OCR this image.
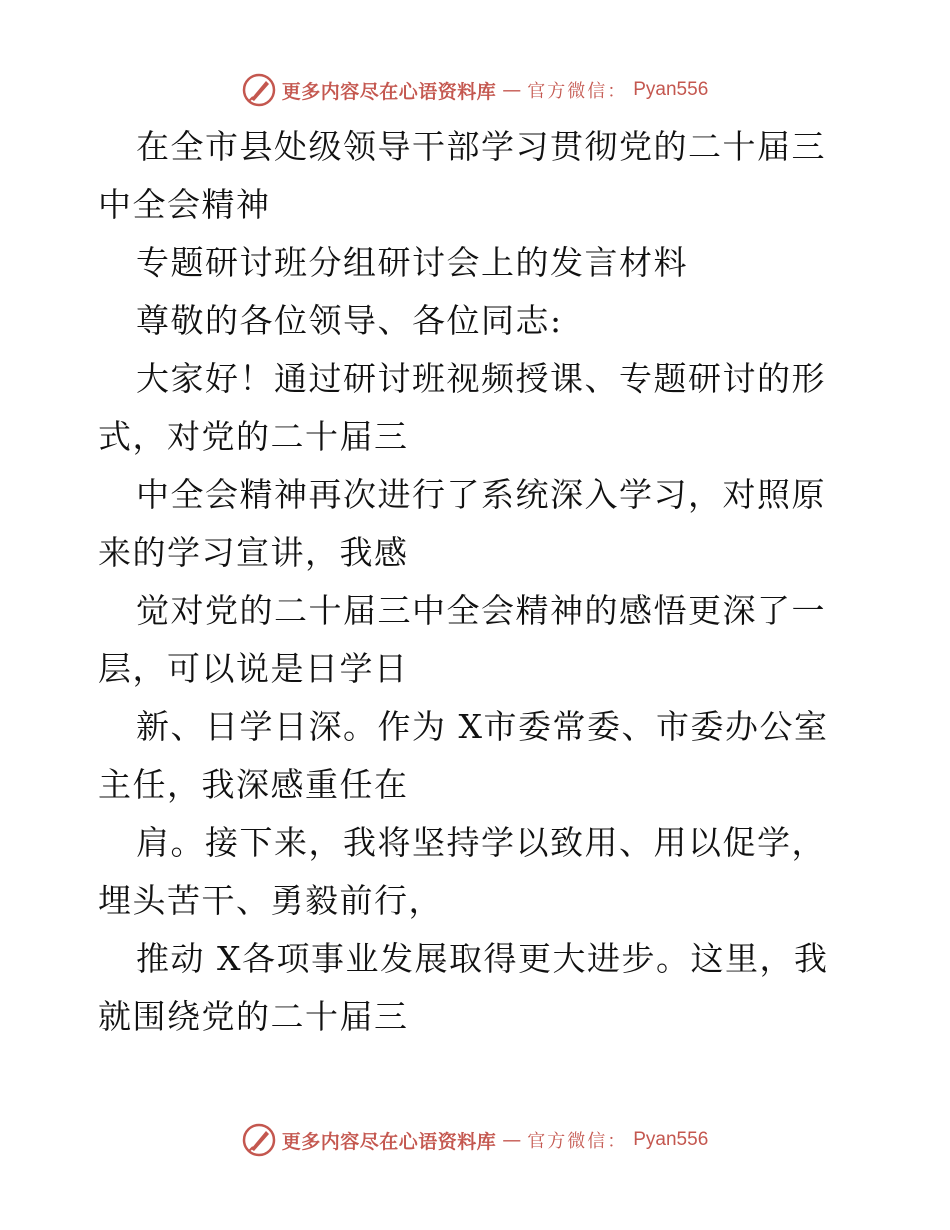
更多内容尽在心语资料库 — 官方微信： Pyan556

在全市县处级领导干部学习贯彻党的二十届三中全会精神

专题研讨班分组研讨会上的发言材料

尊敬的各位领导、各位同志:

大家好！通过研讨班视频授课、专题研讨的形式，对党的二十届三

中全会精神再次进行了系统深入学习，对照原来的学习宣讲，我感

觉对党的二十届三中全会精神的感悟更深了一层，可以说是日学日

新、日学日深。作为 X市委常委、市委办公室主任，我深感重任在

肩。接下来，我将坚持学以致用、用以促学，埋头苦干、勇毅前行，

推动 X各项事业发展取得更大进步。这里，我就围绕党的二十届三

更多内容尽在心语资料库 — 官方微信： Pyan556
